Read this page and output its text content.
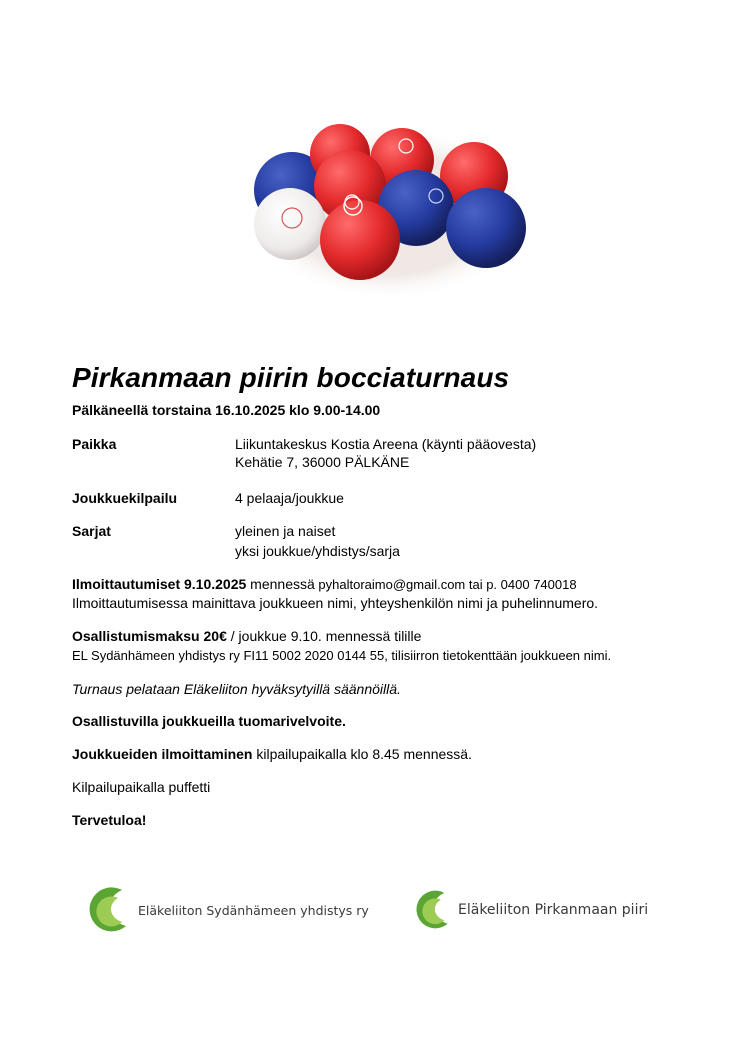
Pirkanmaan piirin bocciaturnaus
Pälkäneellä torstaina 16.10.2025 klo 9.00-14.00
Paikka	Liikuntakeskus Kostia Areena (käynti pääovesta)
Kehätie 7, 36000 PÄLKÄNE
Joukkuekilpailu	4 pelaaja/joukkue
Sarjat	yleinen ja naiset
yksi joukkue/yhdistys/sarja
Ilmoittautumiset 9.10.2025 mennessä pyhaltoraimo@gmail.com tai p. 0400 740018
Ilmoittautumisessa mainittava joukkueen nimi, yhteyshenkilön nimi ja puhelinnumero.
Osallistumismaksu 20€ / joukkue 9.10. mennessä tilille
EL Sydänhämeen yhdistys ry FI11 5002 2020 0144 55, tilisiirron tietokenttään joukkueen nimi.
Turnaus pelataan Eläkeliiton hyväksytyillä säännöillä.
Osallistuvilla joukkueilla tuomarivelvoite.
Joukkueiden ilmoittaminen kilpailupaikalla klo 8.45 mennessä.
Kilpailupaikalla puffetti
Tervetuloa!
Eläkeliiton Sydänhämeen yhdistys ry	Eläkeliiton Pirkanmaan piiri
